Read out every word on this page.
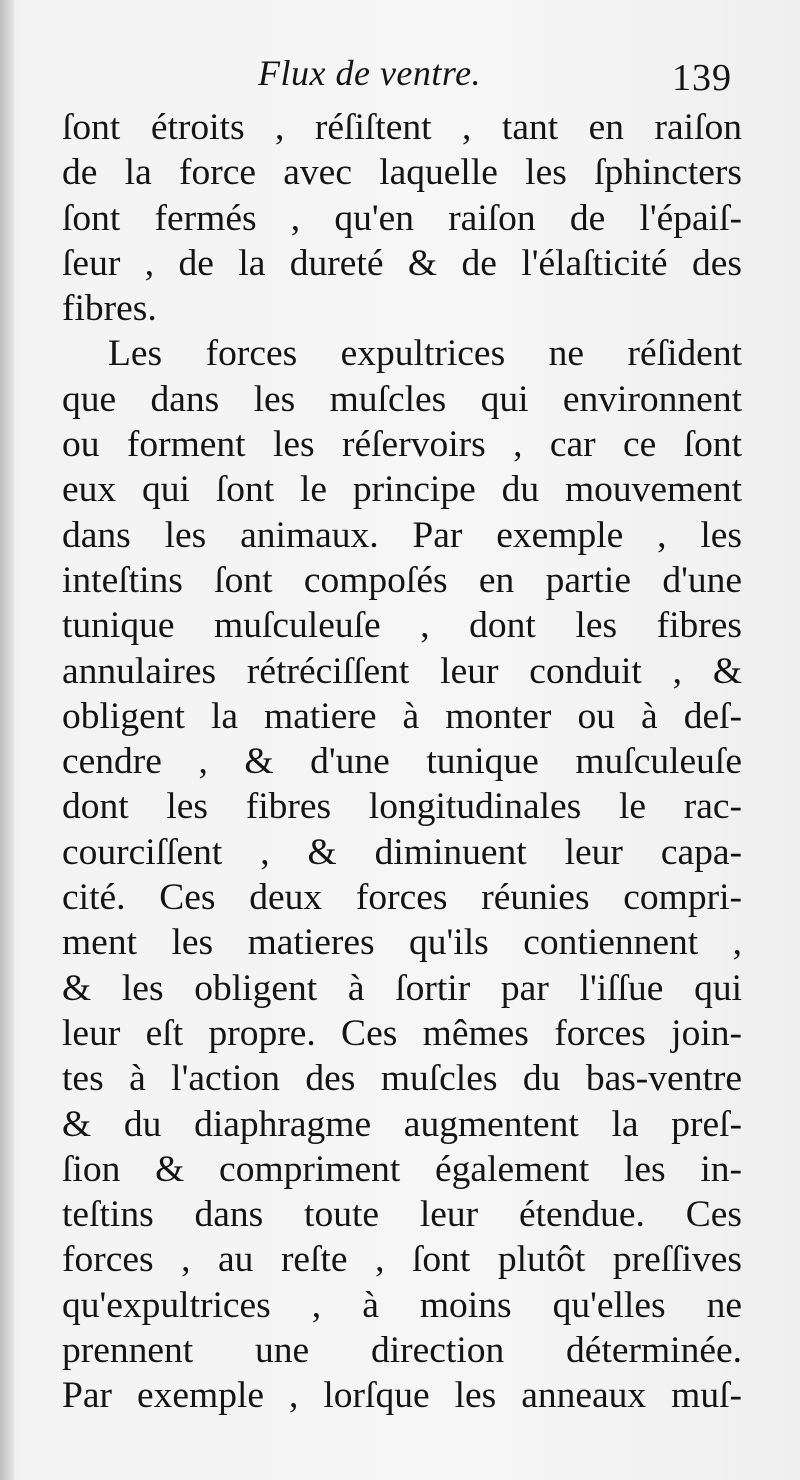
Flux de ventre.	139
ſont étroits , réſiſtent , tant en raiſon
de la force avec laquelle les ſphincters
ſont fermés , qu'en raiſon de l'épaiſ-
ſeur , de la dureté & de l'élaſticité des
fibres.
Les forces expultrices ne réſident
que dans les muſcles qui environnent
ou forment les réſervoirs , car ce ſont
eux qui ſont le principe du mouvement
dans les animaux. Par exemple , les
inteſtins ſont compoſés en partie d'une
tunique muſculeuſe , dont les fibres
annulaires rétréciſſent leur conduit , &
obligent la matiere à monter ou à deſ-
cendre , & d'une tunique muſculeuſe
dont les fibres longitudinales le rac-
courciſſent , & diminuent leur capa-
cité. Ces deux forces réunies compri-
ment les matieres qu'ils contiennent ,
& les obligent à ſortir par l'iſſue qui
leur eſt propre. Ces mêmes forces join-
tes à l'action des muſcles du bas-ventre
& du diaphragme augmentent la preſ-
ſion & compriment également les in-
teſtins dans toute leur étendue. Ces
forces , au reſte , ſont plutôt preſſives
qu'expultrices , à moins qu'elles ne
prennent une direction déterminée.
Par exemple , lorſque les anneaux muſ-
